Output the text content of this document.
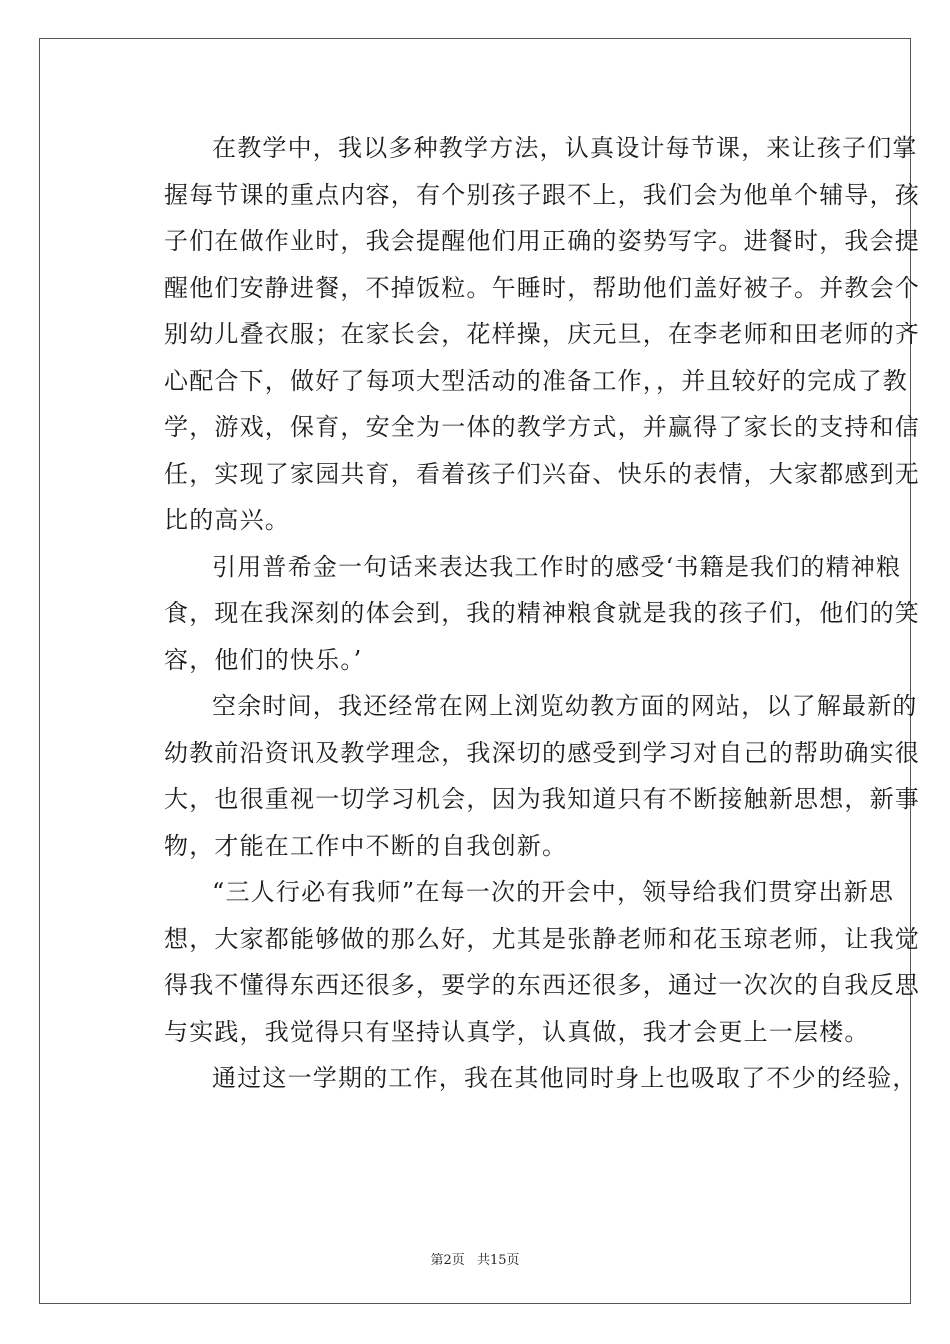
在教学中，我以多种教学方法，认真设计每节课，来让孩子们掌
握每节课的重点内容，有个别孩子跟不上，我们会为他单个辅导，孩
子们在做作业时，我会提醒他们用正确的姿势写字。进餐时，我会提
醒他们安静进餐，不掉饭粒。午睡时，帮助他们盖好被子。并教会个
别幼儿叠衣服；在家长会，花样操，庆元旦，在李老师和田老师的齐
心配合下，做好了每项大型活动的准备工作，，并且较好的完成了教
学，游戏，保育，安全为一体的教学方式，并赢得了家长的支持和信
任，实现了家园共育，看着孩子们兴奋、快乐的表情，大家都感到无
比的高兴。

引用普希金一句话来表达我工作时的感受‘书籍是我们的精神粮
食，现在我深刻的体会到，我的精神粮食就是我的孩子们，他们的笑
容，他们的快乐。’

空余时间，我还经常在网上浏览幼教方面的网站，以了解最新的
幼教前沿资讯及教学理念，我深切的感受到学习对自己的帮助确实很
大，也很重视一切学习机会，因为我知道只有不断接触新思想，新事
物，才能在工作中不断的自我创新。

“三人行必有我师”在每一次的开会中，领导给我们贯穿出新思
想，大家都能够做的那么好，尤其是张静老师和花玉琼老师，让我觉
得我不懂得东西还很多，要学的东西还很多，通过一次次的自我反思
与实践，我觉得只有坚持认真学，认真做，我才会更上一层楼。

通过这一学期的工作，我在其他同时身上也吸取了不少的经验，

第2页 共15页
